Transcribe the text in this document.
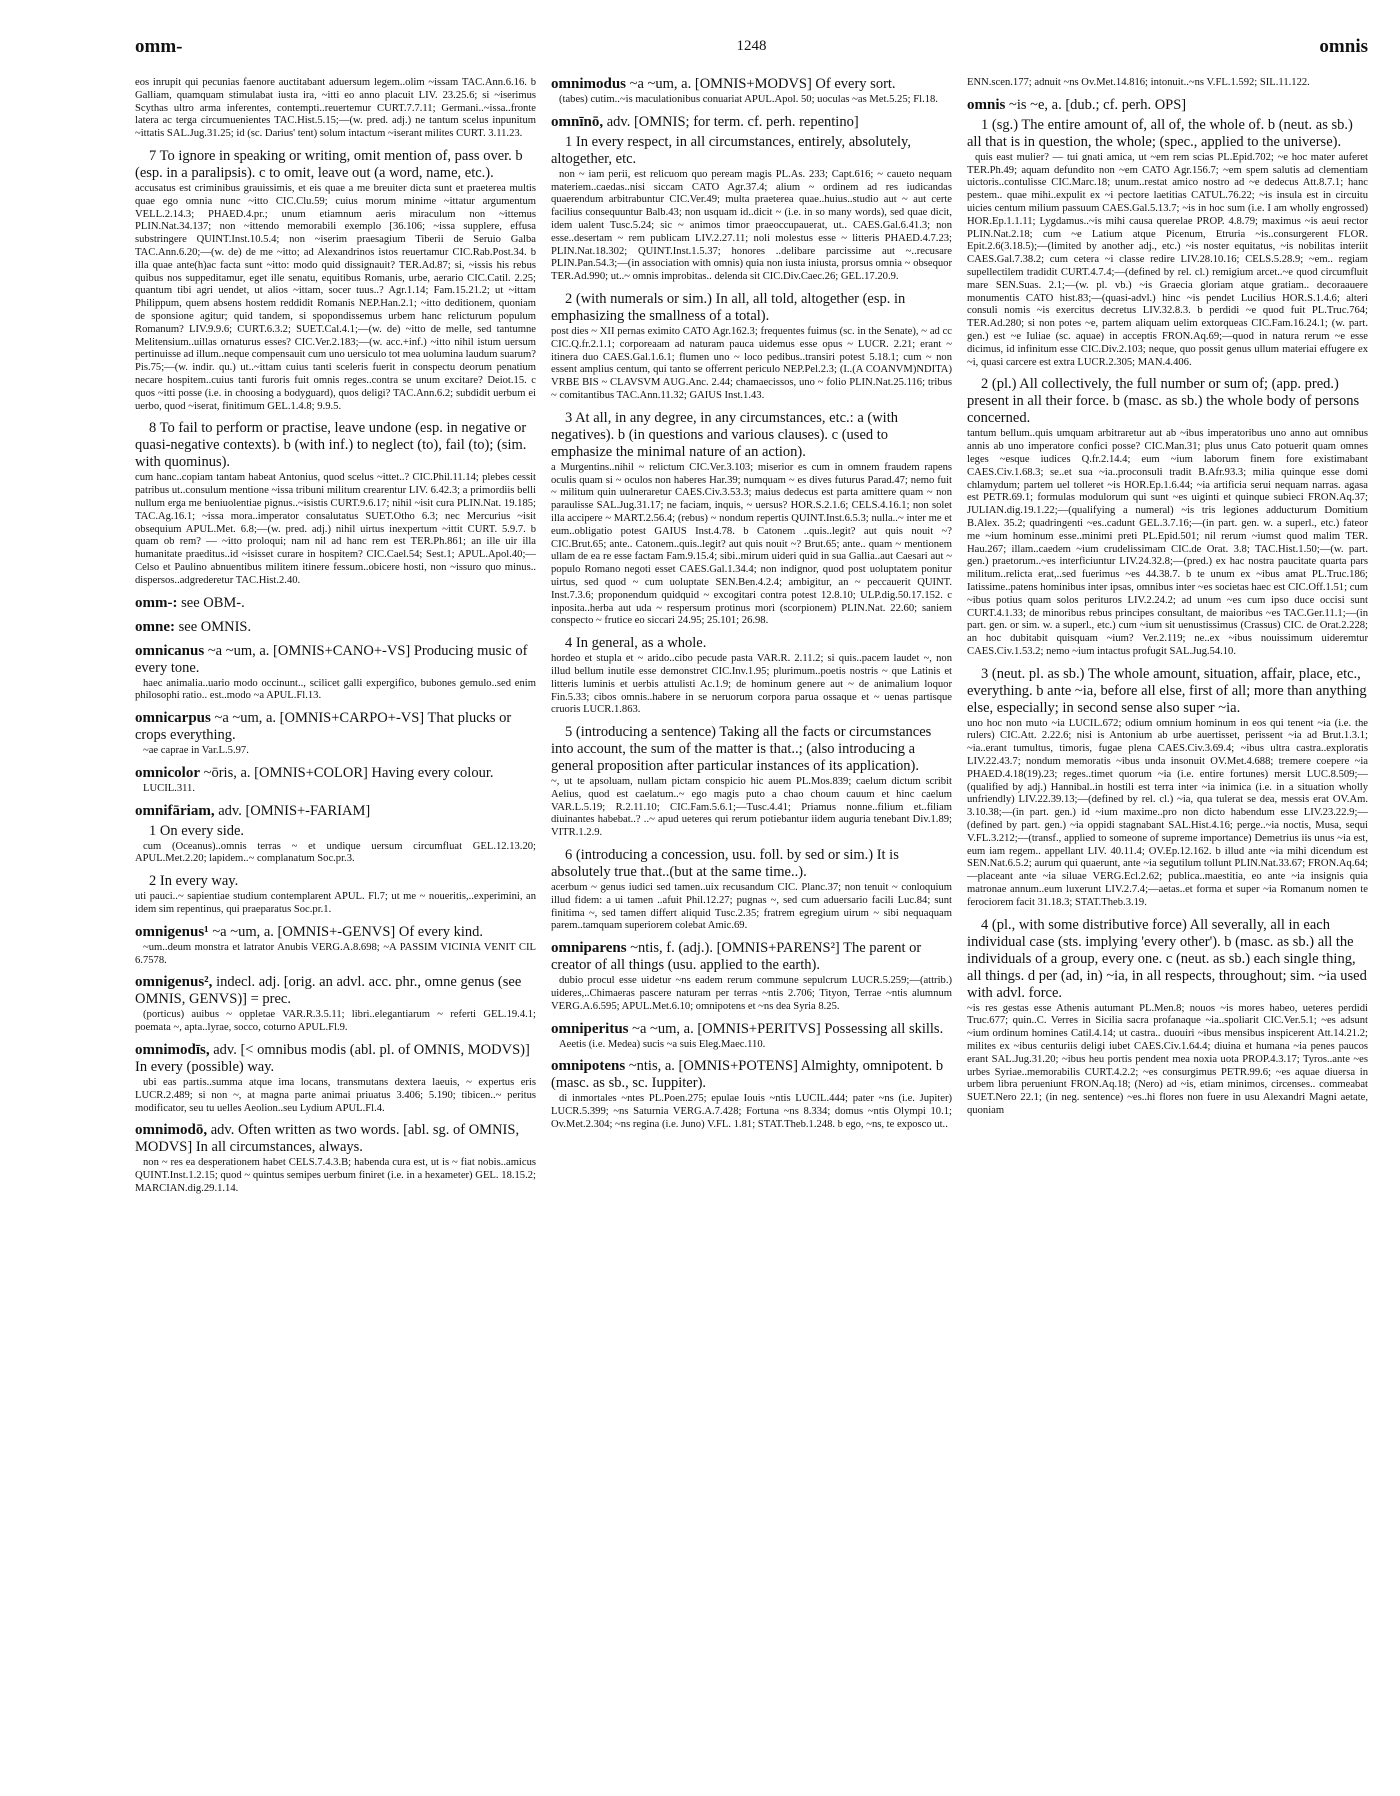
omm-	1248	omnis

eos inrupit qui pecunias faenore auctitabant aduersum legem..olim ~issam TAC.Ann.6.16. b Galliam, quamquam stimulabat iusta ira, ~itti eo anno placuit LIV. 23.25.6; si ~iserimus Scythas ultro arma inferentes, contempti..reuertemur CURT.7.7.11; Germani..~issa..fronte latera ac terga circumuenientes TAC.Hist.5.15;—(w. pred. adj.) ne tantum scelus inpunitum ~ittatis SAL.Jug.31.25; id (sc. Darius' tent) solum intactum ~iserant milites CURT. 3.11.23.

7 To ignore in speaking or writing, omit mention of, pass over. b (esp. in a paralipsis). c to omit, leave out (a word, name, etc.).

accusatus est criminibus grauissimis, et eis quae a me breuiter dicta sunt et praeterea multis quae ego omnia nunc ~itto CIC.Clu.59; cuius morum minime ~ittatur argumentum VELL.2.14.3; PHAED.4.pr.; unum etiamnum aeris miraculum non ~ittemus PLIN.Nat.34.137; non ~ittendo memorabili exemplo [36.106; ~issa supplere, effusa substringere QUINT.Inst.10.5.4; non ~iserim praesagium Tiberii de Seruio Galba TAC.Ann.6.20;—(w. de) de me ~itto; ad Alexandrinos istos reuertamur CIC.Rab.Post.34. b illa quae ante(h)ac facta sunt ~itto: modo quid dissignauit? TER.Ad.87; si, ~issis his rebus quibus nos suppeditamur, eget ille senatu, equitibus Romanis, urbe, aerario CIC.Catil. 2.25; quantum tibi agri uendet, ut alios ~ittam, socer tuus..? Agr.1.14; Fam.15.21.2; ut ~ittam Philippum, quem absens hostem reddidit Romanis NEP.Han.2.1; ~itto deditionem, quoniam de sponsione agitur; quid tandem, si spopondissemus urbem hanc relicturum populum Romanum? LIV.9.9.6; CURT.6.3.2; SUET.Cal.4.1;—(w. de) ~itto de melle, sed tantumne Melitensium..uillas ornaturus esses? CIC.Ver.2.183;—(w. acc.+inf.) ~itto nihil istum uersum pertinuisse ad illum..neque compensauit cum uno uersiculo tot mea uolumina laudum suarum? Pis.75;—(w. indir. qu.) ut..~ittam cuius tanti sceleris fuerit in conspectu deorum penatium necare hospitem..cuius tanti furoris fuit omnis reges..contra se unum excitare? Deiot.15. c quos ~itti posse (i.e. in choosing a bodyguard), quos deligi? TAC.Ann.6.2; subdidit uerbum ei uerbo, quod ~iserat, finitimum GEL.1.4.8; 9.9.5.

8 To fail to perform or practise, leave undone (esp. in negative or quasi-negative contexts). b (with inf.) to neglect (to), fail (to); (sim. with quominus).

cum hanc..copiam tantam habeat Antonius, quod scelus ~ittet..? CIC.Phil.11.14; plebes cessit patribus ut..consulum mentione ~issa tribuni militum crearentur LIV. 6.42.3; a primordiis belli nullum erga me beniuolentiae pignus..~isistis CURT.9.6.17; nihil ~isit cura PLIN.Nat. 19.185; TAC.Ag.16.1; ~issa mora..imperator consalutatus SUET.Otho 6.3; nec Mercurius ~isit obsequium APUL.Met. 6.8;—(w. pred. adj.) nihil uirtus inexpertum ~ittit CURT. 5.9.7. b quam ob rem? — ~itto proloqui; nam nil ad hanc rem est TER.Ph.861; an ille uir illa humanitate praeditus..id ~isisset curare in hospitem? CIC.Cael.54; Sest.1; APUL.Apol.40;—Celso et Paulino abnuentibus militem itinere fessum..obicere hosti, non ~issuro quo minus.. dispersos..adgrederetur TAC.Hist.2.40.

omm-: see OBM-.

omne: see OMNIS.

omnicanus ~a ~um, a. [OMNIS+CANO+-VS] Producing music of every tone.

haec animalia..uario modo occinunt.., scilicet galli expergifico, bubones gemulo..sed enim philosophi ratio.. est..modo ~a APUL.Fl.13.

omnicarpus ~a ~um, a. [OMNIS+CARPO+-VS] That plucks or crops everything.

~ae caprae in Var.L.5.97.

omnicolor ~ōris, a. [OMNIS+COLOR] Having every colour.

LUCIL.311.

omnifāriam, adv. [OMNIS+-FARIAM]

1 On every side.

cum (Oceanus)..omnis terras ~ et undique uersum circumfluat GEL.12.13.20; APUL.Met.2.20; lapidem..~ complanatum Soc.pr.3.

2 In every way.

uti pauci..~ sapientiae studium contemplarent APUL. Fl.7; ut me ~ noueritis,..experimini, an idem sim repentinus, qui praeparatus Soc.pr.1.

omnigenus¹ ~a ~um, a. [OMNIS+-GENVS] Of every kind.

~um..deum monstra et latrator Anubis VERG.A.8.698; ~A PASSIM VICINIA VENIT CIL 6.7578.

omnigenus², indecl. adj. [orig. an advl. acc. phr., omne genus (see OMNIS, GENVS)] = prec.

(porticus) auibus ~ oppletae VAR.R.3.5.11; libri..elegantiarum ~ referti GEL.19.4.1; poemata ~, apta..lyrae, socco, coturno APUL.Fl.9.

omnimodīs, adv. [< omnibus modis (abl. pl. of OMNIS, MODVS)] In every (possible) way.

ubi eas partis..summa atque ima locans, transmutans dextera laeuis, ~ expertus eris LUCR.2.489; si non ~, at magna parte animai priuatus 3.406; 5.190; tibicen..~ peritus modificator, seu tu uelles Aeolion..seu Lydium APUL.Fl.4.

omnimodō, adv. Often written as two words. [abl. sg. of OMNIS, MODVS] In all circumstances, always.

non ~ res ea desperationem habet CELS.7.4.3.B; habenda cura est, ut is ~ fiat nobis..amicus QUINT.Inst.1.2.15; quod ~ quintus semipes uerbum finiret (i.e. in a hexameter) GEL. 18.15.2; MARCIAN.dig.29.1.14.

omnimodus ~a ~um, a. [OMNIS+MODVS] Of every sort.

(tabes) cutim..~is maculationibus conuariat APUL.Apol. 50; uoculas ~as Met.5.25; Fl.18.

omnīnō, adv. [OMNIS; for term. cf. perh. repentino]

1 In every respect, in all circumstances, entirely, absolutely, altogether, etc.

non ~ iam perii, est relicuom quo peream magis PL.As. 233; Capt.616; ~ caueto nequam materiem..caedas..nisi siccam CATO Agr.37.4; alium ~ ordinem ad res iudicandas quaerendum arbitrabuntur CIC.Ver.49; multa praeterea quae..huius..studio aut ~ aut certe facilius consequuntur Balb.43; non usquam id..dicit ~ (i.e. in so many words), sed quae dicit, idem ualent Tusc.5.24; sic ~ animos timor praeoccupauerat, ut.. CAES.Gal.6.41.3; non esse..desertam ~ rem publicam LIV.2.27.11; noli molestus esse ~ litteris PHAED.4.7.23; PLIN.Nat.18.302; QUINT.Inst.1.5.37; honores ..delibare parcissime aut ~..recusare PLIN.Pan.54.3;—(in association with omnis) quia non iusta iniusta, prorsus omnia ~ obsequor TER.Ad.990; ut..~ omnis improbitas.. delenda sit CIC.Div.Caec.26; GEL.17.20.9.

2 (with numerals or sim.) In all, all told, altogether (esp. in emphasizing the smallness of a total).

post dies ~ XII pernas eximito CATO Agr.162.3; frequentes fuimus (sc. in the Senate), ~ ad cc CIC.Q.fr.2.1.1; corporeaam ad naturam pauca uidemus esse opus ~ LUCR. 2.21; erant ~ itinera duo CAES.Gal.1.6.1; flumen uno ~ loco pedibus..transiri potest 5.18.1; cum ~ non essent amplius centum, qui tanto se offerrent periculo NEP.Pel.2.3; (I..(A COANVM)NDITA) VRBE BIS ~ CLAVSVM AUG.Anc. 2.44; chamaecissos, uno ~ folio PLIN.Nat.25.116; tribus ~ comitantibus TAC.Ann.11.32; GAIUS Inst.1.43.

3 At all, in any degree, in any circumstances, etc.: a (with negatives). b (in questions and various clauses). c (used to emphasize the minimal nature of an action).

a Murgentins..nihil ~ relictum CIC.Ver.3.103; miserior es cum in omnem fraudem rapens oculis quam si ~ oculos non haberes Har.39; numquam ~ es dives futurus Parad.47; nemo fuit ~ militum quin uulneraretur CAES.Civ.3.53.3; maius dedecus est parta amittere quam ~ non paraulisse SAL.Jug.31.17; ne faciam, inquis, ~ uersus? HOR.S.2.1.6; CELS.4.16.1; non solet illa accipere ~ MART.2.56.4; (rebus) ~ nondum repertis QUINT.Inst.6.5.3; nulla..~ inter me et eum..obligatio potest GAIUS Inst.4.78. b Catonem ..quis..legit? aut quis nouit ~? CIC.Brut.65; ante.. Catonem..quis..legit? aut quis nouit ~? Brut.65; ante.. quam ~ mentionem ullam de ea re esse factam Fam.9.15.4; sibi..mirum uideri quid in sua Gallia..aut Caesari aut ~ populo Romano negoti esset CAES.Gal.1.34.4; non indignor, quod post uoluptatem ponitur uirtus, sed quod ~ cum uoluptate SEN.Ben.4.2.4; ambigitur, an ~ peccauerit QUINT. Inst.7.3.6; proponendum quidquid ~ excogitari contra potest 12.8.10; ULP.dig.50.17.152. c inposita..herba aut uda ~ respersum protinus mori (scorpionem) PLIN.Nat. 22.60; saniem conspecto ~ frutice eo siccari 24.95; 25.101; 26.98.

4 In general, as a whole.

hordeo et stupla et ~ arido..cibo pecude pasta VAR.R. 2.11.2; si quis..pacem laudet ~, non illud bellum inutile esse demonstret CIC.Inv.1.95; plurimum..poetis nostris ~ que Latinis et litteris luminis et uerbis attulisti Ac.1.9; de hominum genere aut ~ de animalium loquor Fin.5.33; cibos omnis..habere in se neruorum corpora parua ossaque et ~ uenas partisque cruoris LUCR.1.863.

5 (introducing a sentence) Taking all the facts or circumstances into account, the sum of the matter is that..; (also introducing a general proposition after particular instances of its application).

~, ut te apsoluam, nullam pictam conspicio hic auem PL.Mos.839; caelum dictum scribit Aelius, quod est caelatum..~ ego magis puto a chao choum cauum et hinc caelum VAR.L.5.19; R.2.11.10; CIC.Fam.5.6.1;—Tusc.4.41; Priamus nonne..filium et..filiam diuinantes habebat..? ..~ apud ueteres qui rerum potiebantur iidem auguria tenebant Div.1.89; VITR.1.2.9.

6 (introducing a concession, usu. foll. by sed or sim.) It is absolutely true that..(but at the same time..).

acerbum ~ genus iudici sed tamen..uix recusandum CIC. Planc.37; non tenuit ~ conloquium illud fidem: a ui tamen ..afuit Phil.12.27; pugnas ~, sed cum aduersario facili Luc.84; sunt finitima ~, sed tamen differt aliquid Tusc.2.35; fratrem egregium uirum ~ sibi nequaquam parem..tamquam superiorem colebat Amic.69.

omniparens ~ntis, f. (adj.). [OMNIS+PARENS²] The parent or creator of all things (usu. applied to the earth).

dubio procul esse uidetur ~ns eadem rerum commune sepulcrum LUCR.5.259;—(attrib.) uideres,..Chimaeras pascere naturam per terras ~ntis 2.706; Tityon, Terrae ~ntis alumnum VERG.A.6.595; APUL.Met.6.10; omnipotens et ~ns dea Syria 8.25.

omniperitus ~a ~um, a. [OMNIS+PERITVS] Possessing all skills.

Aeetis (i.e. Medea) sucis ~a suis Eleg.Maec.110.

omnipotens ~ntis, a. [OMNIS+POTENS] Almighty, omnipotent. b (masc. as sb., sc. Iuppiter).

di inmortales ~ntes PL.Poen.275; epulae Iouis ~ntis LUCIL.444; pater ~ns (i.e. Jupiter) LUCR.5.399; ~ns Saturnia VERG.A.7.428; Fortuna ~ns 8.334; domus ~ntis Olympi 10.1; Ov.Met.2.304; ~ns regina (i.e. Juno) V.FL. 1.81; STAT.Theb.1.248. b ego, ~ns, te exposco ut..

ENN.scen.177; adnuit ~ns Ov.Met.14.816; intonuit..~ns V.FL.1.592; SIL.11.122.

omnis ~is ~e, a. [dub.; cf. perh. OPS]

1 (sg.) The entire amount of, all of, the whole of. b (neut. as sb.) all that is in question, the whole; (spec., applied to the universe).

quis east mulier? — tui gnati amica, ut ~em rem scias PL.Epid.702; ~e hoc mater auferet TER.Ph.49; aquam defundito non ~em CATO Agr.156.7; ~em spem salutis ad clementiam uictoris..contulisse CIC.Marc.18; unum..restat amico nostro ad ~e dedecus Att.8.7.1; hanc pestem.. quae mihi..expulit ex ~i pectore laetitias CATUL.76.22; ~is insula est in circuitu uicies centum milium passuum CAES.Gal.5.13.7; ~is in hoc sum (i.e. I am wholly engrossed) HOR.Ep.1.1.11; Lygdamus..~is mihi causa querelae PROP. 4.8.79; maximus ~is aeui rector PLIN.Nat.2.18; cum ~e Latium atque Picenum, Etruria ~is..consurgerent FLOR. Epit.2.6(3.18.5);—(limited by another adj., etc.) ~is noster equitatus, ~is nobilitas interiit CAES.Gal.7.38.2; cum cetera ~i classe redire LIV.28.10.16; CELS.5.28.9; ~em.. regiam supellectilem tradidit CURT.4.7.4;—(defined by rel. cl.) remigium arcet..~e quod circumfluit mare SEN.Suas. 2.1;—(w. pl. vb.) ~is Graecia gloriam atque gratiam.. decoraauere monumentis CATO hist.83;—(quasi-advl.) hinc ~is pendet Lucilius HOR.S.1.4.6; alteri consuli nomis ~is exercitus decretus LIV.32.8.3. b perdidi ~e quod fuit PL.Truc.764; TER.Ad.280; si non potes ~e, partem aliquam uelim extorqueas CIC.Fam.16.24.1; (w. part. gen.) est ~e Iuliae (sc. aquae) in acceptis FRON.Aq.69;—quod in natura rerum ~e esse dicimus, id infinitum esse CIC.Div.2.103; neque, quo possit genus ullum materiai effugere ex ~i, quasi carcere est extra LUCR.2.305; MAN.4.406.

2 (pl.) All collectively, the full number or sum of; (app. pred.) present in all their force. b (masc. as sb.) the whole body of persons concerned.

tantum bellum..quis umquam arbitraretur aut ab ~ibus imperatoribus uno anno aut omnibus annis ab uno imperatore confici posse? CIC.Man.31; plus unus Cato potuerit quam omnes leges ~esque iudices Q.fr.2.14.4; eum ~ium laborum finem fore existimabant CAES.Civ.1.68.3; se..et sua ~ia..proconsuli tradit B.Afr.93.3; milia quinque esse domi chlamydum; partem uel tolleret ~is HOR.Ep.1.6.44; ~ia artificia serui nequam narras. agasa est PETR.69.1; formulas modulorum qui sunt ~es uiginti et quinque subieci FRON.Aq.37; JULIAN.dig.19.1.22;—(qualifying a numeral) ~is tris legiones adducturum Domitium B.Alex. 35.2; quadringenti ~es..cadunt GEL.3.7.16;—(in part. gen. w. a superl., etc.) fateor me ~ium hominum esse..minimi preti PL.Epid.501; nil rerum ~iumst quod malim TER. Hau.267; illam..caedem ~ium crudelissimam CIC.de Orat. 3.8; TAC.Hist.1.50;—(w. part. gen.) praetorum..~es interficiuntur LIV.24.32.8;—(pred.) ex hac nostra paucitate quarta pars militum..relicta erat,..sed fuerimus ~es 44.38.7. b te unum ex ~ibus amat PL.Truc.186; Iatissime..patens hominibus inter ipsas, omnibus inter ~es societas haec est CIC.Off.1.51; cum ~ibus potius quam solos perituros LIV.2.24.2; ad unum ~es cum ipso duce occisi sunt CURT.4.1.33; de minoribus rebus principes consultant, de maioribus ~es TAC.Ger.11.1;—(in part. gen. or sim. w. a superl., etc.) cum ~ium sit uenustissimus (Crassus) CIC. de Orat.2.228; an hoc dubitabit quisquam ~ium? Ver.2.119; ne..ex ~ibus nouissimum uideremtur CAES.Civ.1.53.2; nemo ~ium intactus profugit SAL.Jug.54.10.

3 (neut. pl. as sb.) The whole amount, situation, affair, place, etc., everything. b ante ~ia, before all else, first of all; more than anything else, especially; in second sense also super ~ia.

uno hoc non muto ~ia LUCIL.672; odium omnium hominum in eos qui tenent ~ia (i.e. the rulers) CIC.Att. 2.22.6; nisi is Antonium ab urbe auertisset, perissent ~ia ad Brut.1.3.1; ~ia..erant tumultus, timoris, fugae plena CAES.Civ.3.69.4; ~ibus ultra castra..exploratis LIV.22.43.7; nondum memoratis ~ibus unda insonuit OV.Met.4.688; tremere coepere ~ia PHAED.4.18(19).23; reges..timet quorum ~ia (i.e. entire fortunes) mersit LUC.8.509;—(qualified by adj.) Hannibal..in hostili est terra inter ~ia inimica (i.e. in a situation wholly unfriendly) LIV.22.39.13;—(defined by rel. cl.) ~ia, qua tulerat se dea, messis erat OV.Am. 3.10.38;—(in part. gen.) id ~ium maxime..pro non dicto habendum esse LIV.23.22.9;—(defined by part. gen.) ~ia oppidi stagnabant SAL.Hist.4.16; perge..~ia noctis, Musa, sequi V.FL.3.212;—(transf., applied to someone of supreme importance) Demetrius iis unus ~ia est, eum iam regem.. appellant LIV. 40.11.4; OV.Ep.12.162. b illud ante ~ia mihi dicendum est SEN.Nat.6.5.2; aurum qui quaerunt, ante ~ia segutilum tollunt PLIN.Nat.33.67; FRON.Aq.64;—placeant ante ~ia siluae VERG.Ecl.2.62; publica..maestitia, eo ante ~ia insignis quia matronae annum..eum luxerunt LIV.2.7.4;—aetas..et forma et super ~ia Romanum nomen te ferociorem facit 31.18.3; STAT.Theb.3.19.

4 (pl., with some distributive force) All severally, all in each individual case (sts. implying 'every other'). b (masc. as sb.) all the individuals of a group, every one. c (neut. as sb.) each single thing, all things. d per (ad, in) ~ia, in all respects, throughout; sim. ~ia used with advl. force.

~is res gestas esse Athenis autumant PL.Men.8; nouos ~is mores habeo, ueteres perdidi Truc.677; quin..C. Verres in Sicilia sacra profanaque ~ia..spoliarit CIC.Ver.5.1; ~es adsunt ~ium ordinum homines Catil.4.14; ut castra.. duouiri ~ibus mensibus inspicerent Att.14.21.2; milites ex ~ibus centuriis deligi iubet CAES.Civ.1.64.4; diuina et humana ~ia penes paucos erant SAL.Jug.31.20; ~ibus heu portis pendent mea noxia uota PROP.4.3.17; Tyros..ante ~es urbes Syriae..memorabilis CURT.4.2.2; ~es consurgimus PETR.99.6; ~es aquae diuersa in urbem libra perueniunt FRON.Aq.18; (Nero) ad ~is, etiam minimos, circenses.. commeabat SUET.Nero 22.1; (in neg. sentence) ~es..hi flores non fuere in usu Alexandri Magni aetate, quoniam
